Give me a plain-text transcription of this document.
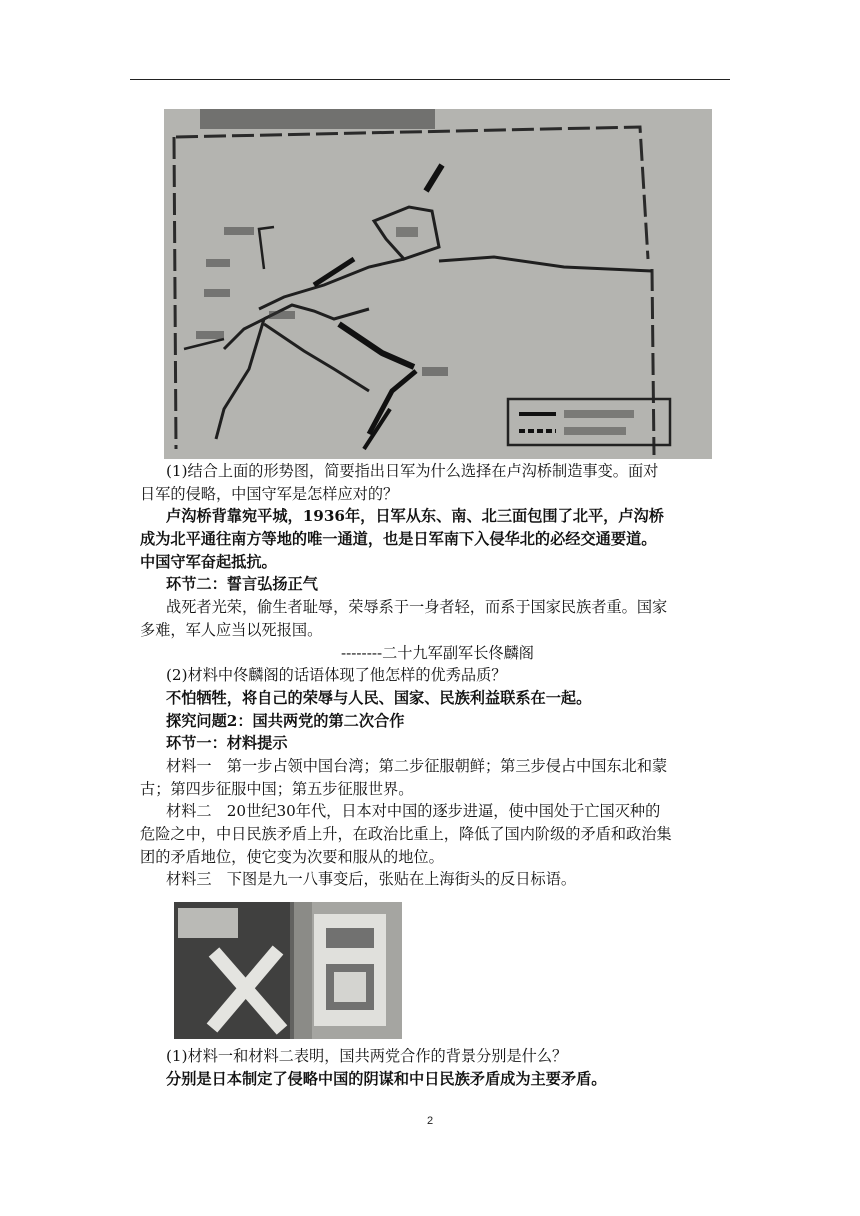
(1)结合上面的形势图，简要指出日军为什么选择在卢沟桥制造事变。面对
日军的侵略，中国守军是怎样应对的？
卢沟桥背靠宛平城，1936年，日军从东、南、北三面包围了北平，卢沟桥
成为北平通往南方等地的唯一通道，也是日军南下入侵华北的必经交通要道。
中国守军奋起抵抗。
环节二：誓言弘扬正气
战死者光荣，偷生者耻辱，荣辱系于一身者轻，而系于国家民族者重。国家
多难，军人应当以死报国。
--------二十九军副军长佟麟阁
(2)材料中佟麟阁的话语体现了他怎样的优秀品质？
不怕牺牲，将自己的荣辱与人民、国家、民族利益联系在一起。
探究问题2：国共两党的第二次合作
环节一：材料提示
材料一　第一步占领中国台湾；第二步征服朝鲜；第三步侵占中国东北和蒙
古；第四步征服中国；第五步征服世界。
材料二　20世纪30年代，日本对中国的逐步进逼，使中国处于亡国灭种的
危险之中，中日民族矛盾上升，在政治比重上，降低了国内阶级的矛盾和政治集
团的矛盾地位，使它变为次要和服从的地位。
材料三　下图是九一八事变后，张贴在上海街头的反日标语。
(1)材料一和材料二表明，国共两党合作的背景分别是什么？
分别是日本制定了侵略中国的阴谋和中日民族矛盾成为主要矛盾。
2
